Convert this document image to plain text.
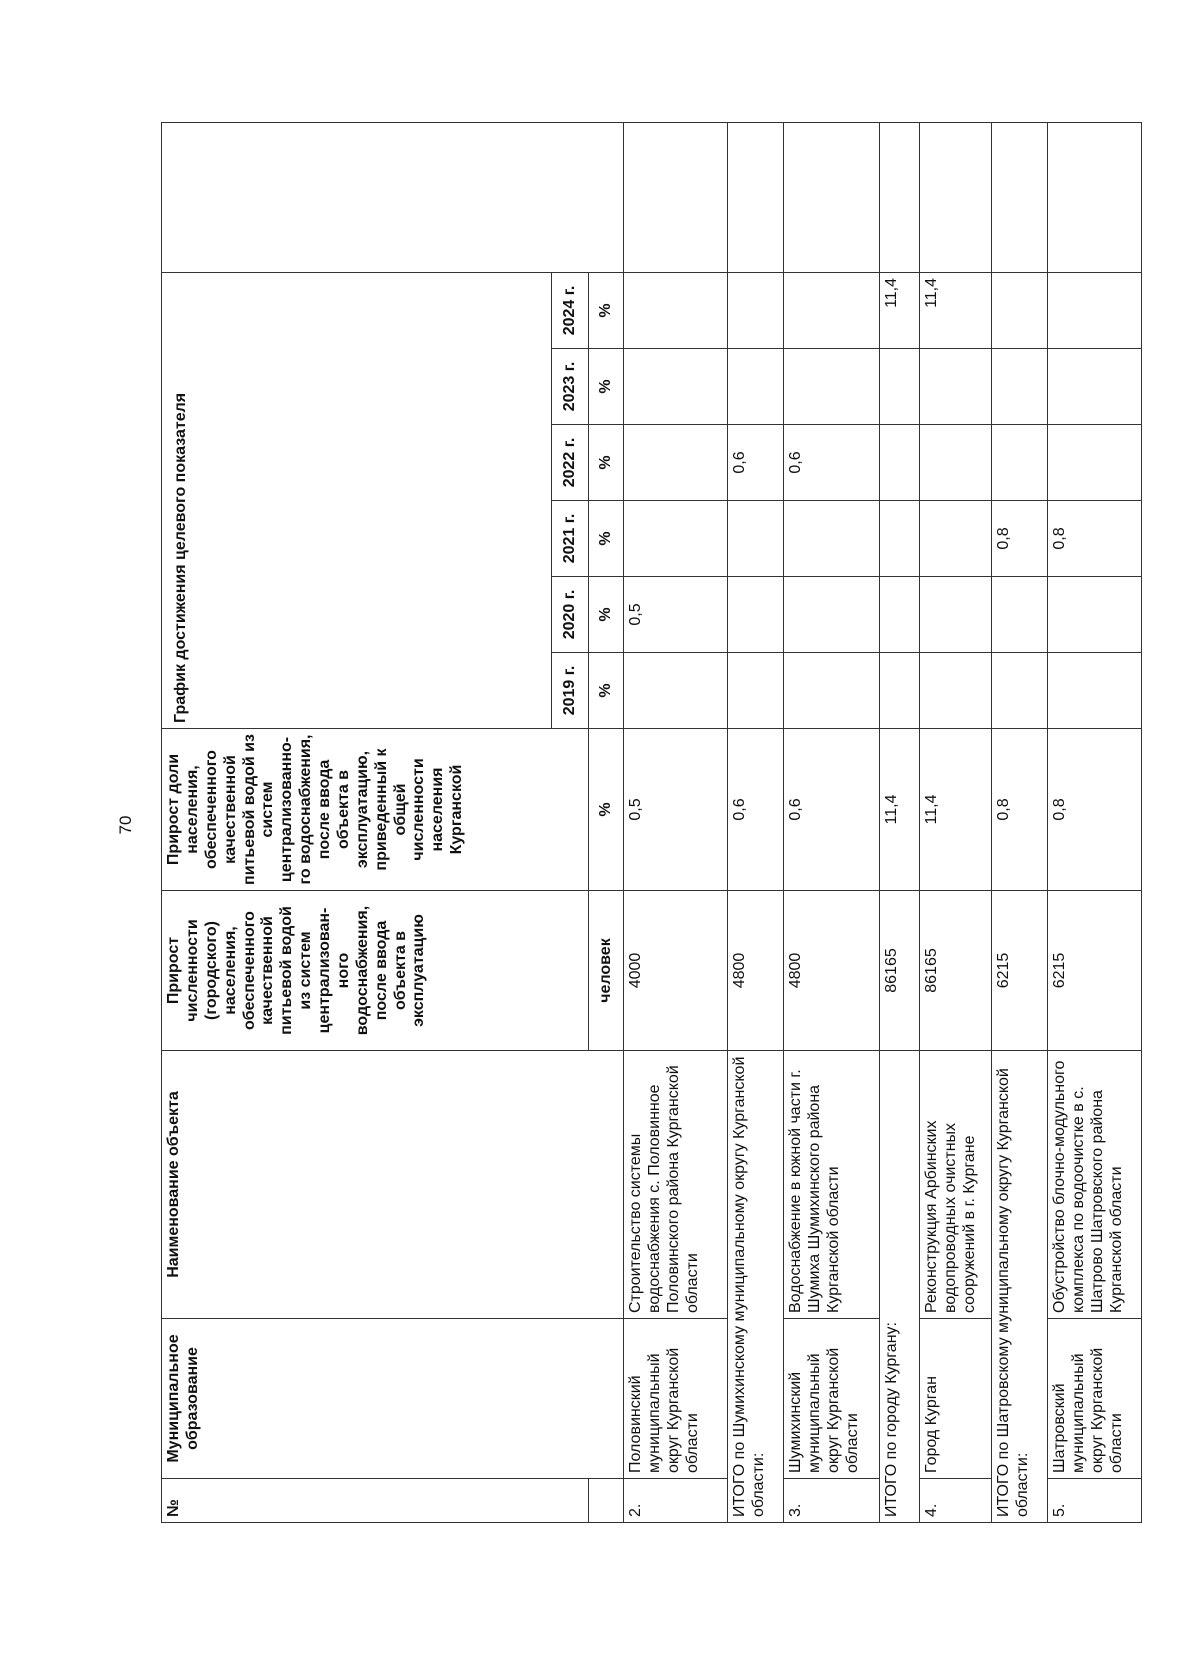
70
№	Муниципальное образование	Наименование объекта	Прирост численности (городского) населения, обеспеченного качественной питьевой водой из систем централизован-ного водоснабжения, после ввода объекта в эксплуатацию	Прирост доли населения, обеспеченного качественной питьевой водой из систем централизованно-го водоснабжения, после ввода объекта в эксплуатацию, приведенный к общей численности населения Курганской	График достижения целевого показателя						
					2019 г.	2020 г.	2021 г.	2022 г.	2023 г.	2024 г.	
			человек	%	%	%	%	%	%	%	
2.	Половинский муниципальный округ Курганской области	Строительство системы водоснабжения с. Половинное Половинского района Курганской области	4000	0,5		0,5					
ИТОГО по Шумихинскому муниципальному округу Курганской области:			4800	0,6				0,6			
3.	Шумихинский муниципальный округ Курганской области	Водоснабжение в южной части г. Шумиха Шумихинского района Курганской области	4800	0,6				0,6			
ИТОГО по городу Кургану:			86165	11,4						11,4	
4.	Город Курган	Реконструкция Арбинских водопроводных очистных сооружений в г. Кургане	86165	11,4						11,4	
ИТОГО по Шатровскому муниципальному округу Курганской области:			6215	0,8			0,8				
5.	Шатровский муниципальный округ Курганской области	Обустройство блочно-модульного комплекса по водоочистке в с. Шатрово Шатровского района Курганской области	6215	0,8			0,8				
